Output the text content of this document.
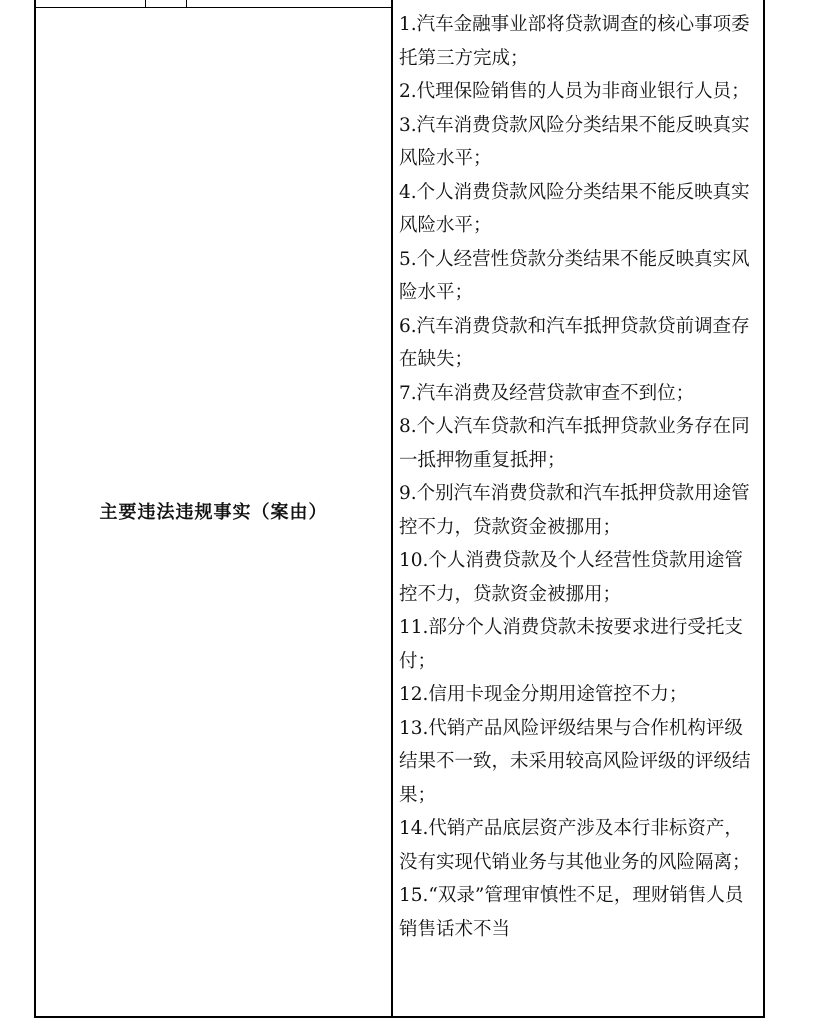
主要违法违规事实（案由）
1.汽车金融事业部将贷款调查的核心事项委托第三方完成；
2.代理保险销售的人员为非商业银行人员；
3.汽车消费贷款风险分类结果不能反映真实风险水平；
4.个人消费贷款风险分类结果不能反映真实风险水平；
5.个人经营性贷款分类结果不能反映真实风险水平；
6.汽车消费贷款和汽车抵押贷款贷前调查存在缺失；
7.汽车消费及经营贷款审查不到位；
8.个人汽车贷款和汽车抵押贷款业务存在同一抵押物重复抵押；
9.个别汽车消费贷款和汽车抵押贷款用途管控不力，贷款资金被挪用；
10.个人消费贷款及个人经营性贷款用途管控不力，贷款资金被挪用；
11.部分个人消费贷款未按要求进行受托支付；
12.信用卡现金分期用途管控不力；
13.代销产品风险评级结果与合作机构评级结果不一致，未采用较高风险评级的评级结果；
14.代销产品底层资产涉及本行非标资产，没有实现代销业务与其他业务的风险隔离；
15.“双录”管理审慎性不足，理财销售人员销售话术不当
